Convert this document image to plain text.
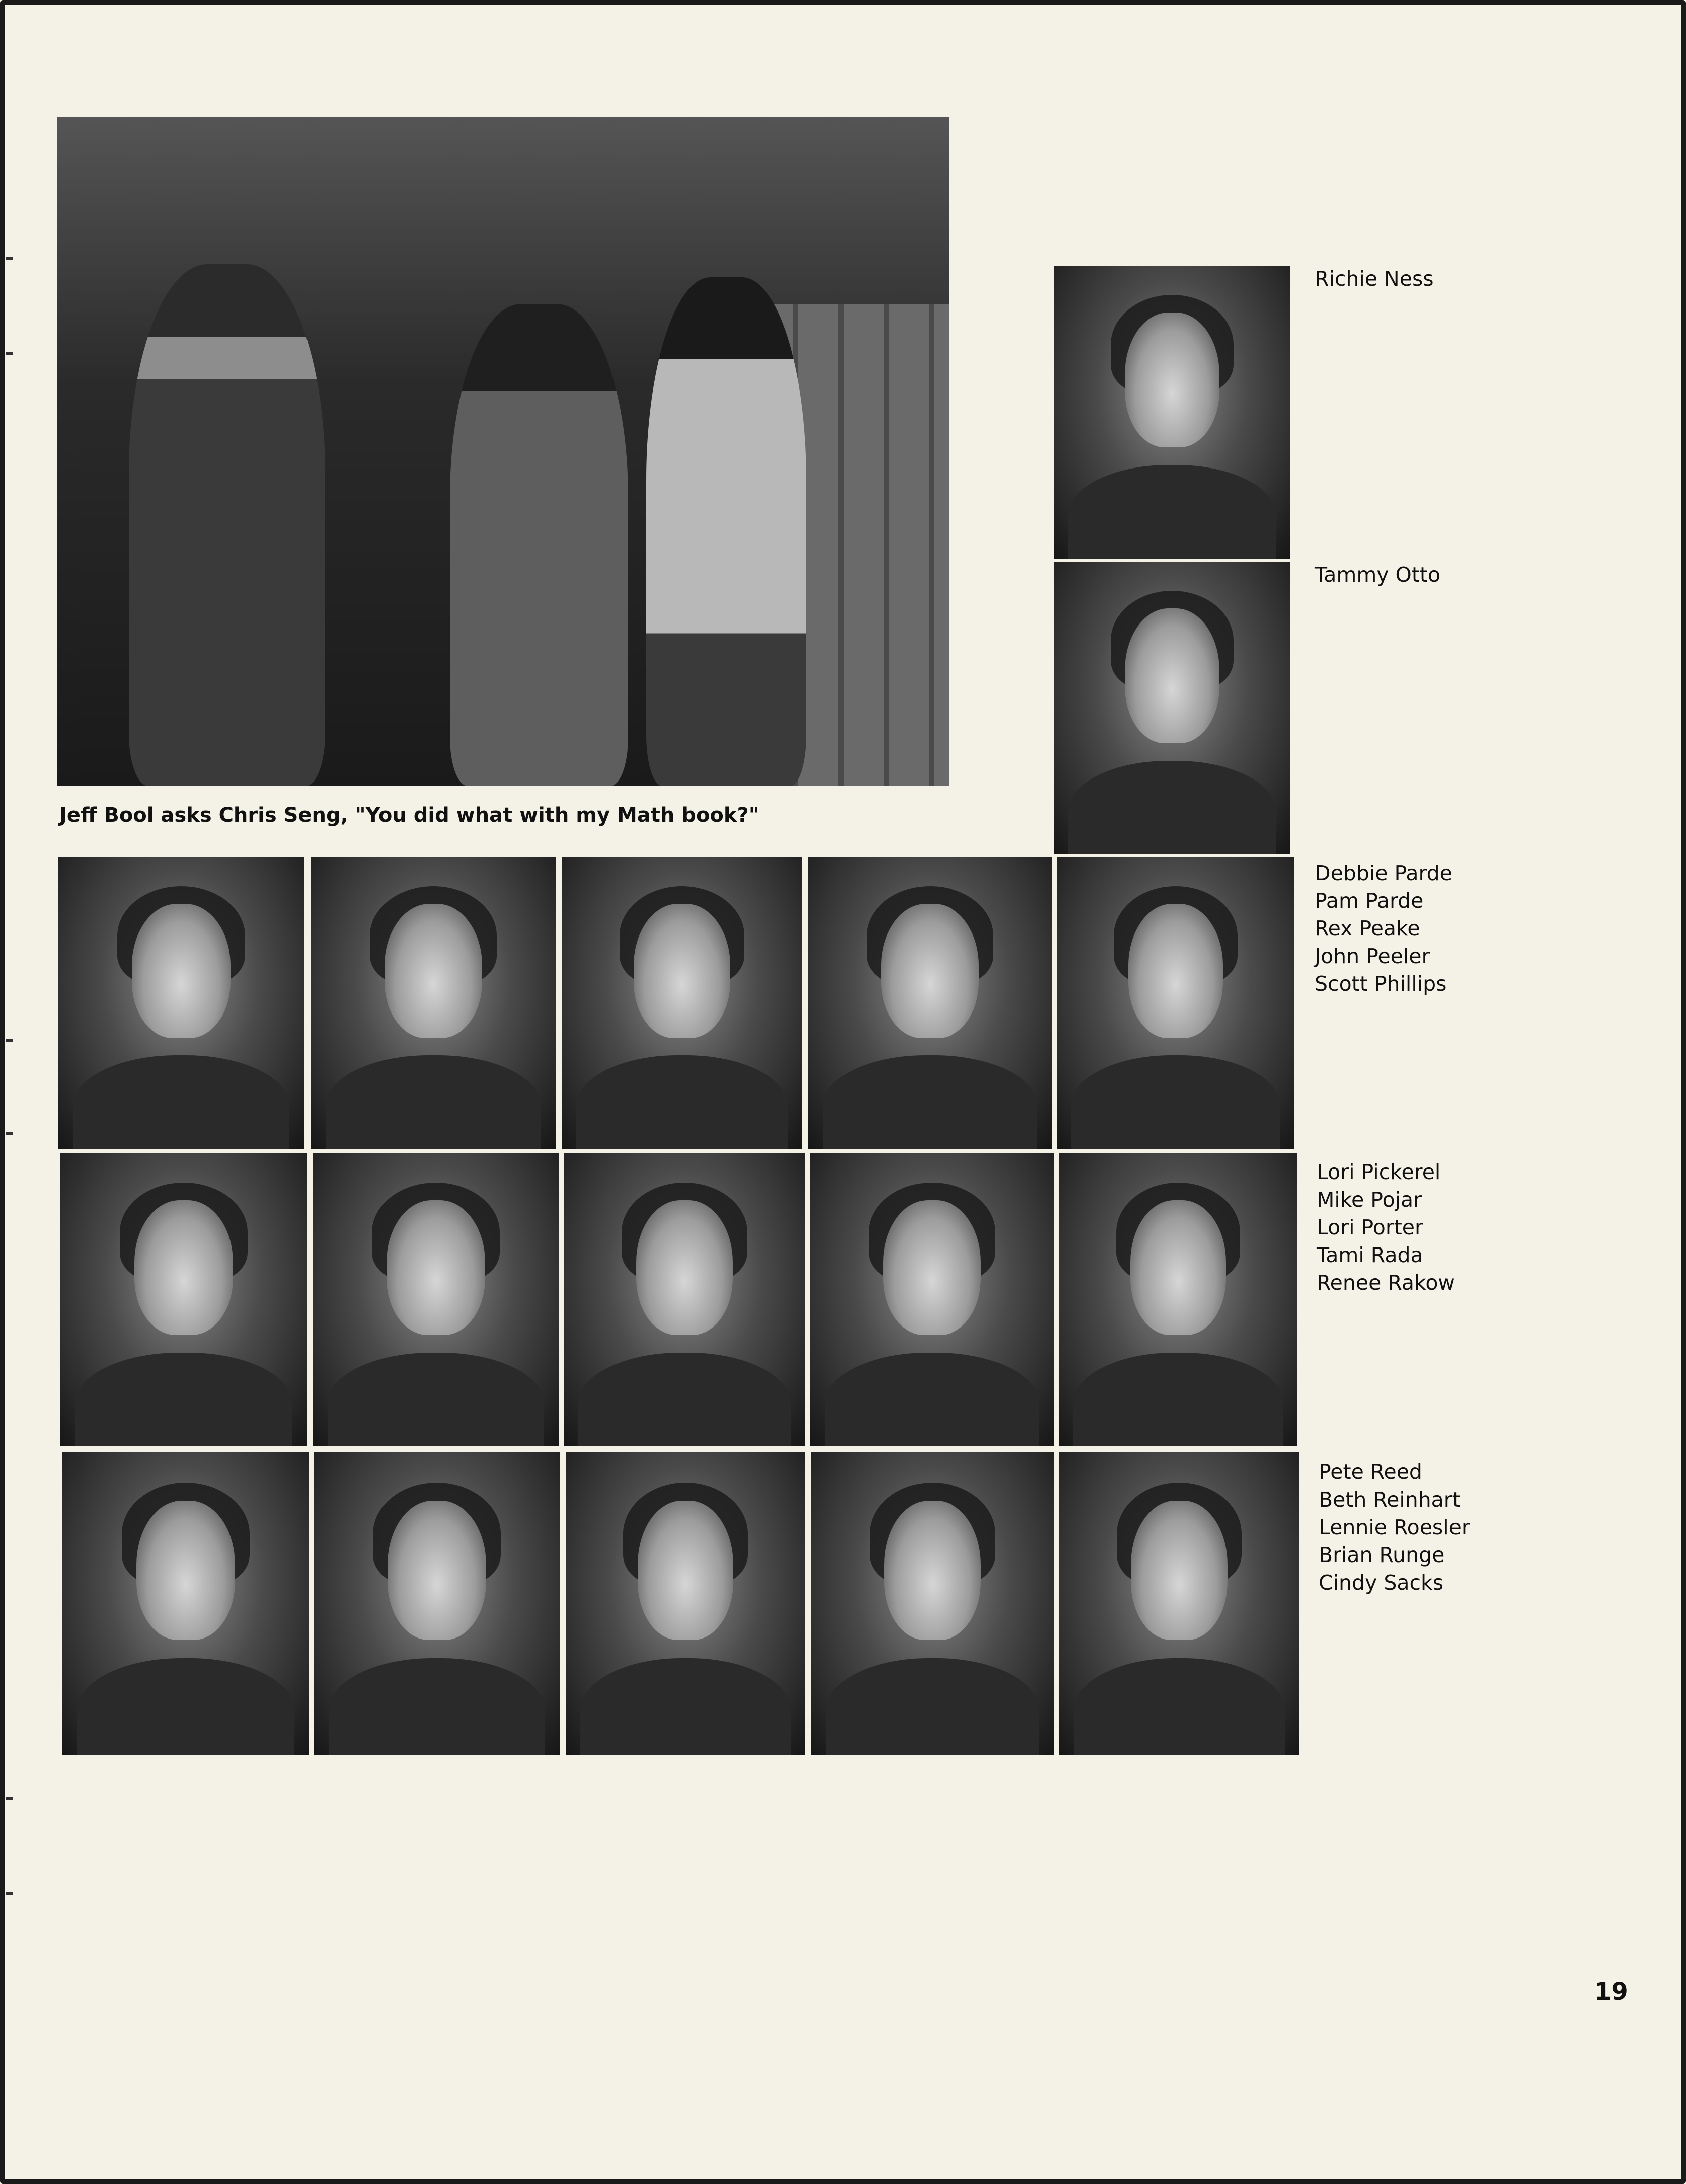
Jeff Bool asks Chris Seng, "You did what with my Math book?"
Richie Ness
Tammy Otto
Debbie Parde
Pam Parde
Rex Peake
John Peeler
Scott Phillips
Lori Pickerel
Mike Pojar
Lori Porter
Tami Rada
Renee Rakow
Pete Reed
Beth Reinhart
Lennie Roesler
Brian Runge
Cindy Sacks
19
